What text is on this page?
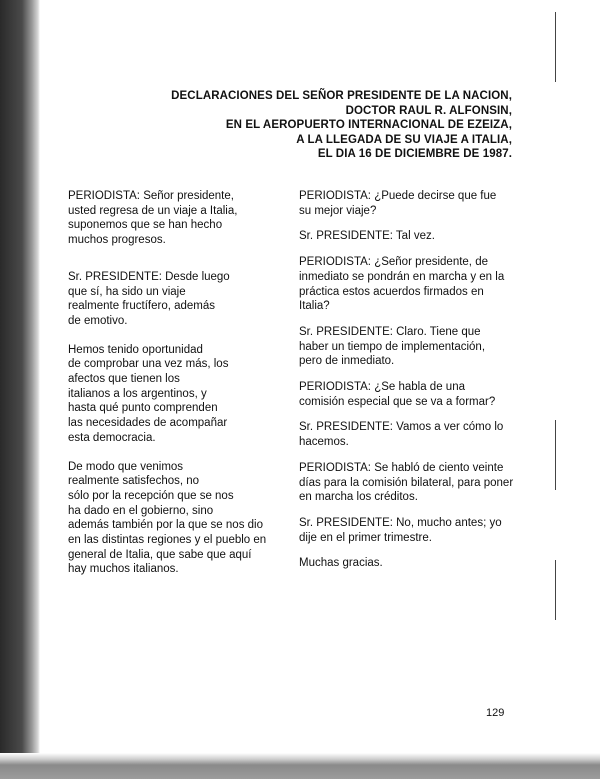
DECLARACIONES DEL SEÑOR PRESIDENTE DE LA NACION,
DOCTOR RAUL R. ALFONSIN,
EN EL AEROPUERTO INTERNACIONAL DE EZEIZA,
A LA LLEGADA DE SU VIAJE A ITALIA,
EL DIA 16 DE DICIEMBRE DE 1987.
PERIODISTA: Señor presidente,
usted regresa de un viaje a Italia,
suponemos que se han hecho
muchos progresos.
Sr. PRESIDENTE: Desde luego
que sí, ha sido un viaje
realmente fructífero, además
de emotivo.
Hemos tenido oportunidad
de comprobar una vez más, los
afectos que tienen los
italianos a los argentinos, y
hasta qué punto comprenden
las necesidades de acompañar
esta democracia.
De modo que venimos
realmente satisfechos, no
sólo por la recepción que se nos
ha dado en el gobierno, sino
además también por la que se nos dio
en las distintas regiones y el pueblo en
general de Italia, que sabe que aquí
hay muchos italianos.
PERIODISTA: ¿Puede decirse que fue
su mejor viaje?
Sr. PRESIDENTE: Tal vez.
PERIODISTA: ¿Señor presidente, de
inmediato se pondrán en marcha y en la
práctica estos acuerdos firmados en
Italia?
Sr. PRESIDENTE: Claro. Tiene que
haber un tiempo de implementación,
pero de inmediato.
PERIODISTA: ¿Se habla de una
comisión especial que se va a formar?
Sr. PRESIDENTE: Vamos a ver cómo lo
hacemos.
PERIODISTA: Se habló de ciento veinte
días para la comisión bilateral, para poner
en marcha los créditos.
Sr. PRESIDENTE: No, mucho antes; yo
dije en el primer trimestre.
Muchas gracias.
129
